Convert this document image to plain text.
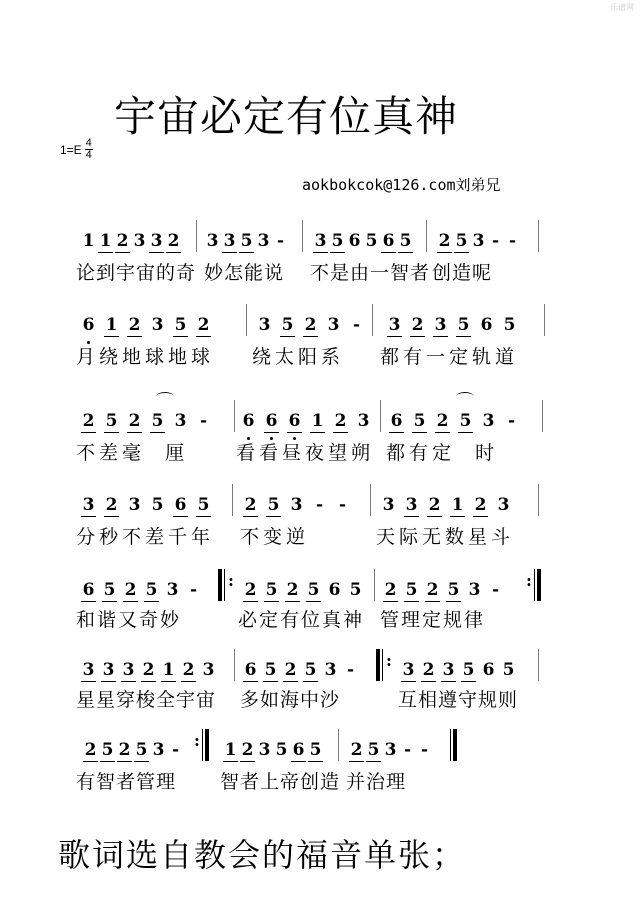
乐谱网
宇宙必定有位真神
$1=E \frac{4}{4}$
aokbokcok@126.com刘弟兄
1 1 2 3 3 2 3 3 5 3 - 3 5 6 5 6 5 2 5 3 - -
论到宇宙的奇 妙怎能说 不是由一智者 创造呢
6 1 2 3 5 2	3 5 2 3 - 3 2 3 5 6 5
月绕地球地球 绕太阳系 都有一定轨道
2 5 2 5 3 - 6 6 6 1 2 3 6 5 2 5 3 -
不差毫  厘	看看昼夜望朔 都有定  时
3 2 3 5 6 5 2 5 3 - - 3 3 2 1 2 3
分秒不差千年 不变逆	天际无数星斗
6 5 2 5 3 -	: 2 5 2 5 6 5 2 5 2 5 3 -	:
和谐又奇妙	必定有位真神 管理定规律
3 3 3 2 1 2 3 6 5 2 5 3 -	: 3 2 3 5 6 5
星星穿梭全宇宙 多如海中沙	互相遵守规则
2 5 2 5 3 - : 1 2 3 5 6 5 2 5 3 - -
有智者管理 智者上帝创造 并治理
歌词选自教会的福音单张；
